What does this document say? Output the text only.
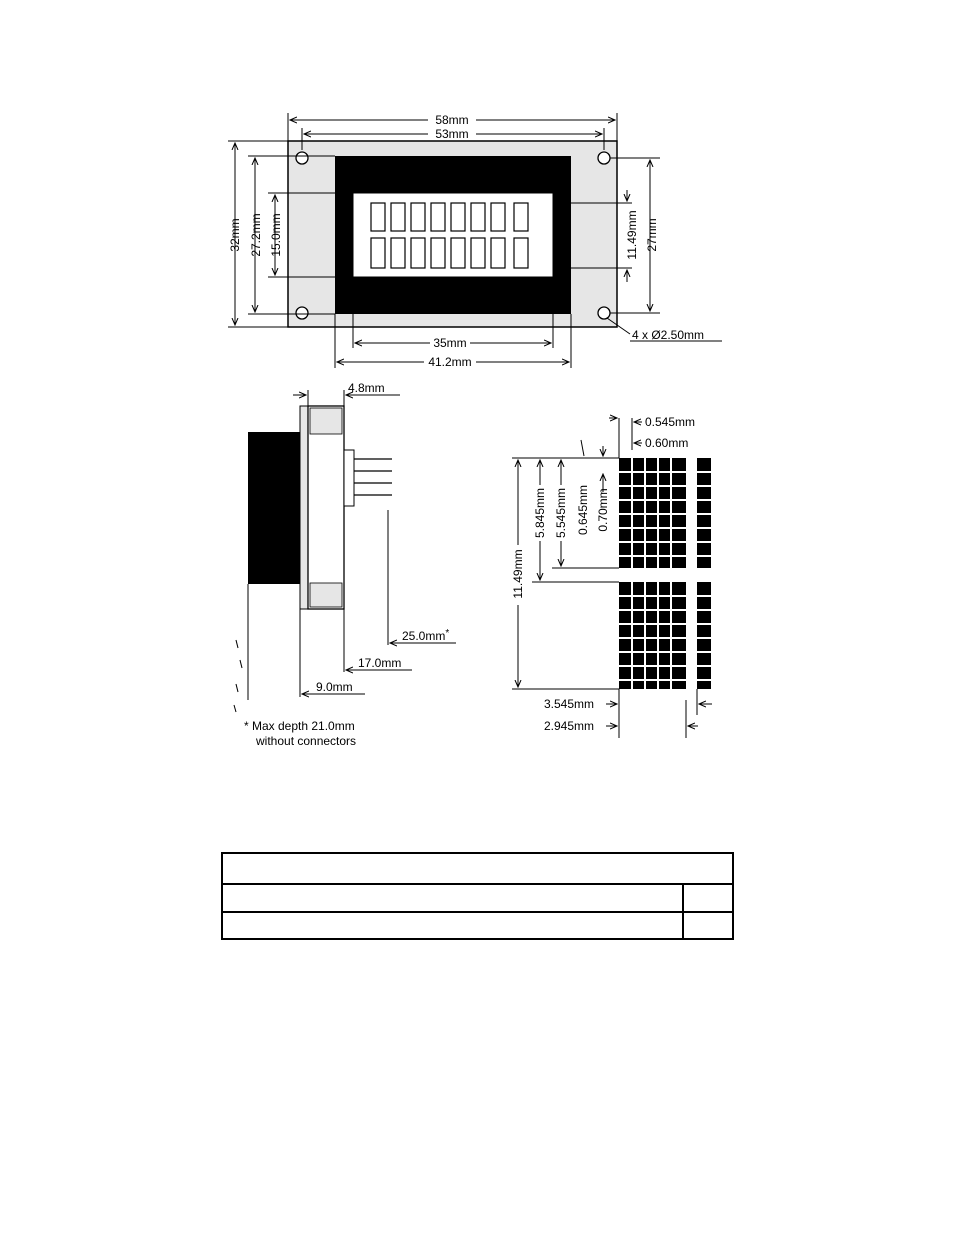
58mm
53mm
32mm 27.2mm 15.0mm	11.49mm 27mm
35mm
41.2mm
4 x Ø2.50mm
4.8mm
25.0mm*
17.0mm
9.0mm
* Max depth 21.0mm
without connectors
0.545mm
0.60mm
11.49mm
5.845mm 5.545mm 0.645mm 0.70mm
3.545mm
2.945mm
